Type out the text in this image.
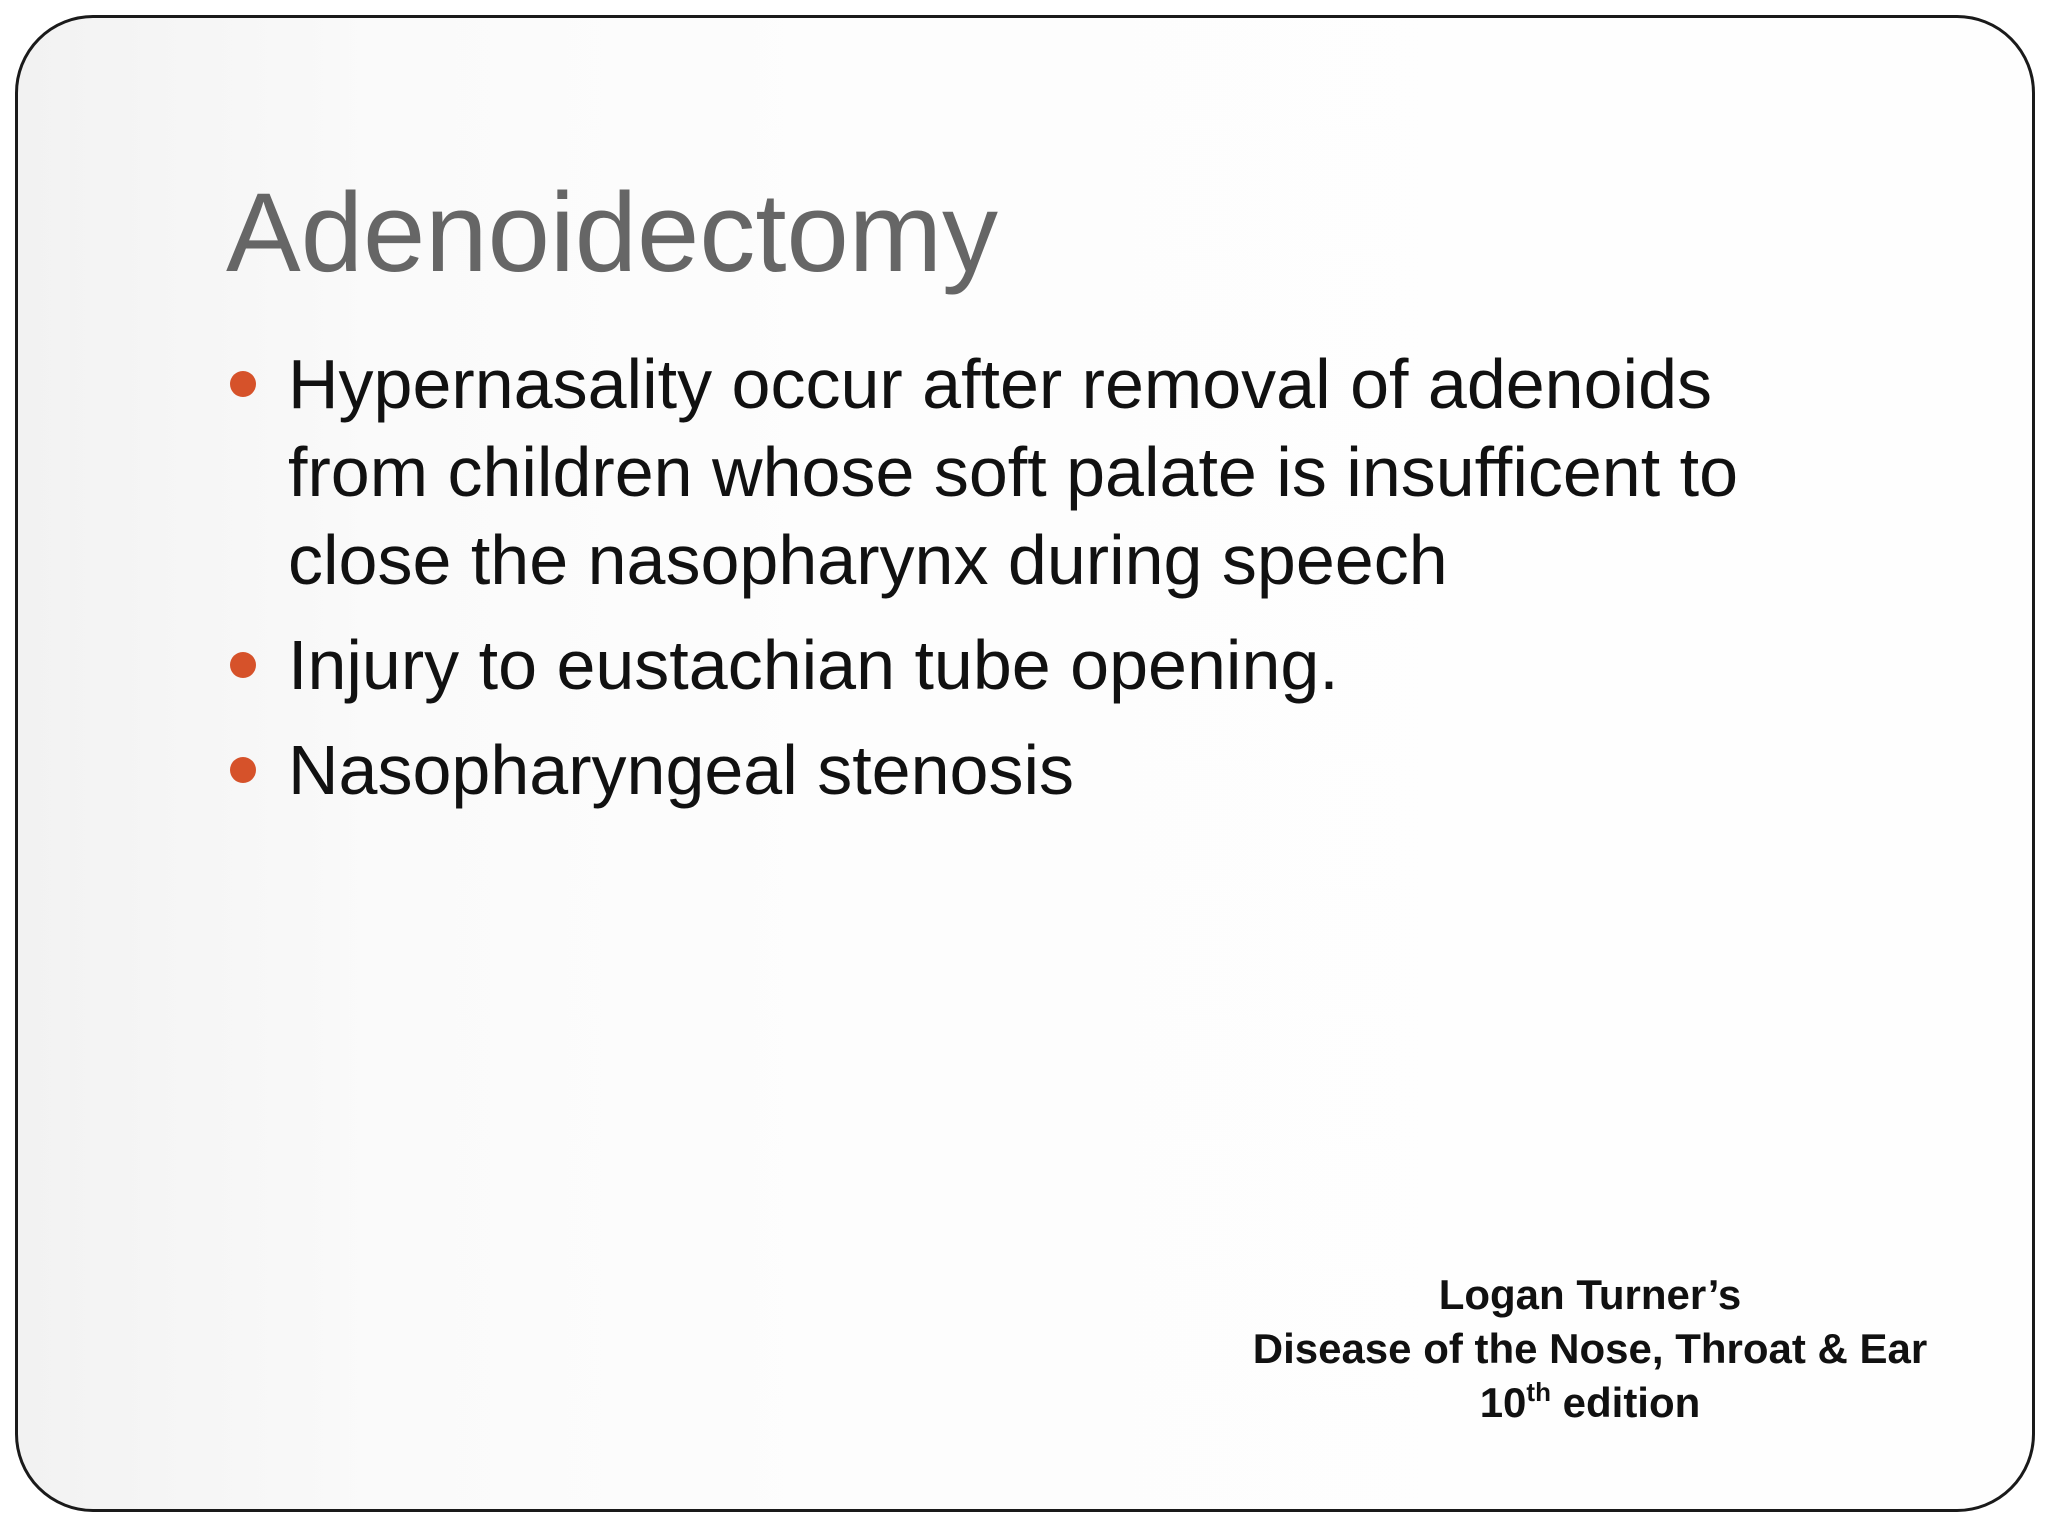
Adenoidectomy
Hypernasality occur after removal of adenoids from children whose soft palate is insufficent to close the nasopharynx during speech
Injury to eustachian tube opening.
Nasopharyngeal stenosis
Logan Turner’s
Disease of the Nose, Throat & Ear
10th edition
